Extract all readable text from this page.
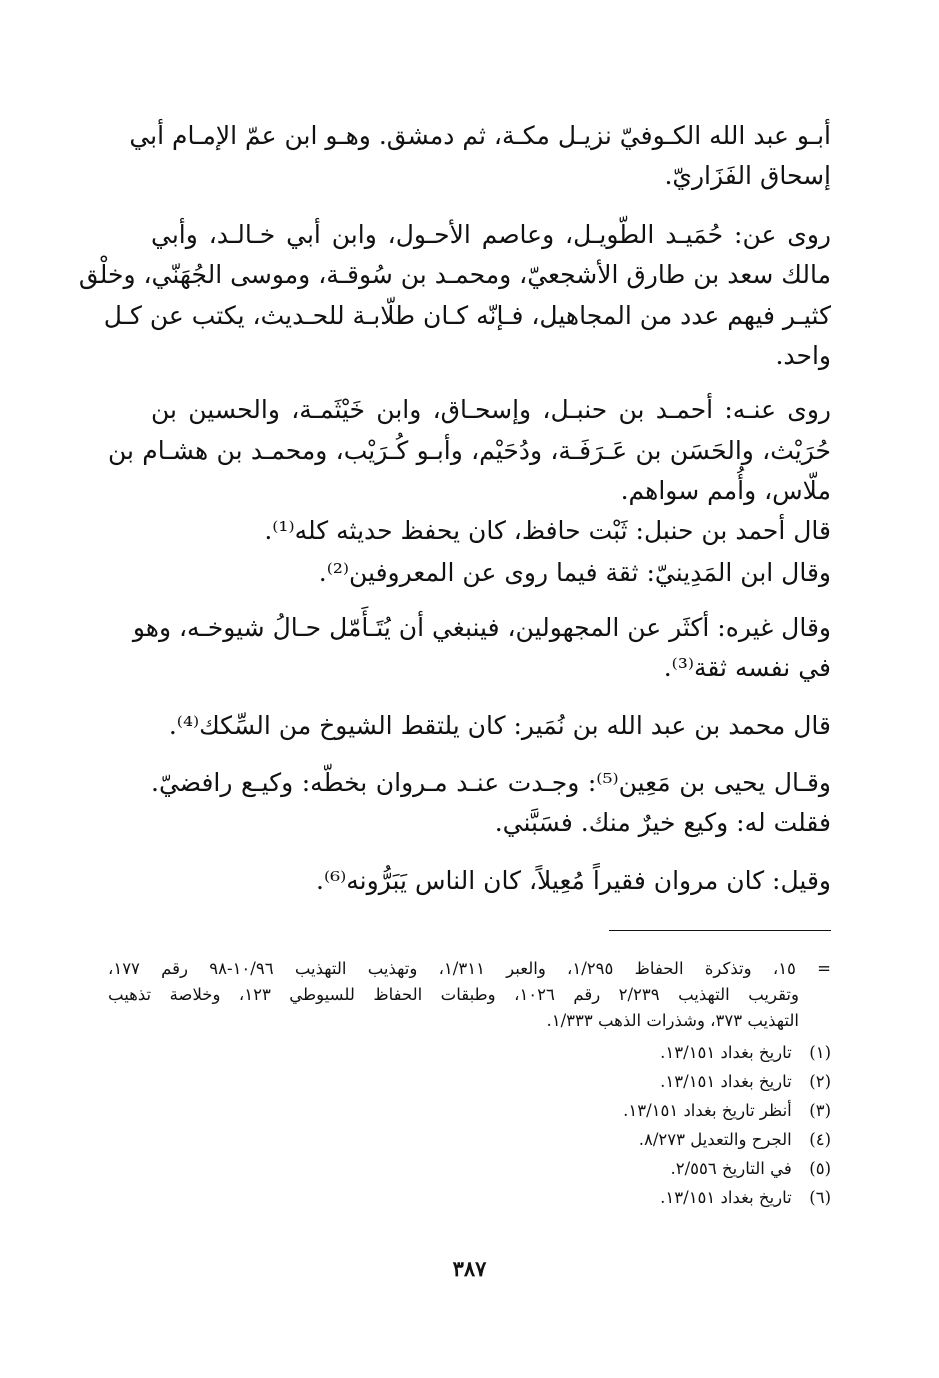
أبـو عبد الله الكـوفيّ نزيـل مكـة، ثم دمشق. وهـو ابن عمّ الإمـام أبي
إسحاق الفَزَاريّ.
روى عن: حُمَيـد الطّويـل، وعاصم الأحـول، وابن أبي خـالـد، وأبي
مالك سعد بن طارق الأشجعيّ، ومحمـد بن سُوقـة، وموسى الجُهَنّي، وخلْق
كثيـر فيهم عدد من المجاهيل، فـإنّه كـان طلّابـة للحـديث، يكتب عن كـل
واحد.
روى عنـه: أحمـد بن حنبـل، وإسحـاق، وابن خَيْثَمـة، والحسين بن
حُرَيْث، والحَسَن بن عَـرَفَـة، ودُحَيْم، وأبـو كُـرَيْب، ومحمـد بن هشـام بن
ملّاس، وأُمم سواهم.
قال أحمد بن حنبل: ثَبْت حافظ، كان يحفظ حديثه كله⁽¹⁾.
وقال ابن المَدِينيّ: ثقة فيما روى عن المعروفين⁽²⁾.
وقال غيره: أكثَر عن المجهولين، فينبغي أن يُتَـأَمّل حـالُ شيوخـه، وهو
في نفسه ثقة⁽³⁾.
قال محمد بن عبد الله بن نُمَير: كان يلتقط الشيوخ من السِّكك⁽⁴⁾.
وقـال يحيى بن مَعِين⁽⁵⁾: وجـدت عنـد مـروان بخطّه: وكيـع رافضيّ.
فقلت له: وكيع خيرٌ منك. فسَبَّني.
وقيل: كان مروان فقيراً مُعِيلاً، كان الناس يَبَرُّونه⁽⁶⁾.
= ١٥، وتذكرة الحفاظ ١/٢٩٥، والعبر ١/٣١١، وتهذيب التهذيب ١٠/٩٦-٩٨ رقم ١٧٧،
وتقريب التهذيب ٢/٢٣٩ رقم ١٠٢٦، وطبقات الحفاظ للسيوطي ١٢٣، وخلاصة تذهيب
التهذيب ٣٧٣، وشذرات الذهب ١/٣٣٣.
(١) تاريخ بغداد ١٣/١٥١.
(٢) تاريخ بغداد ١٣/١٥١.
(٣) أنظر تاريخ بغداد ١٣/١٥١.
(٤) الجرح والتعديل ٨/٢٧٣.
(٥) في التاريخ ٢/٥٥٦.
(٦) تاريخ بغداد ١٣/١٥١.
٣٨٧
